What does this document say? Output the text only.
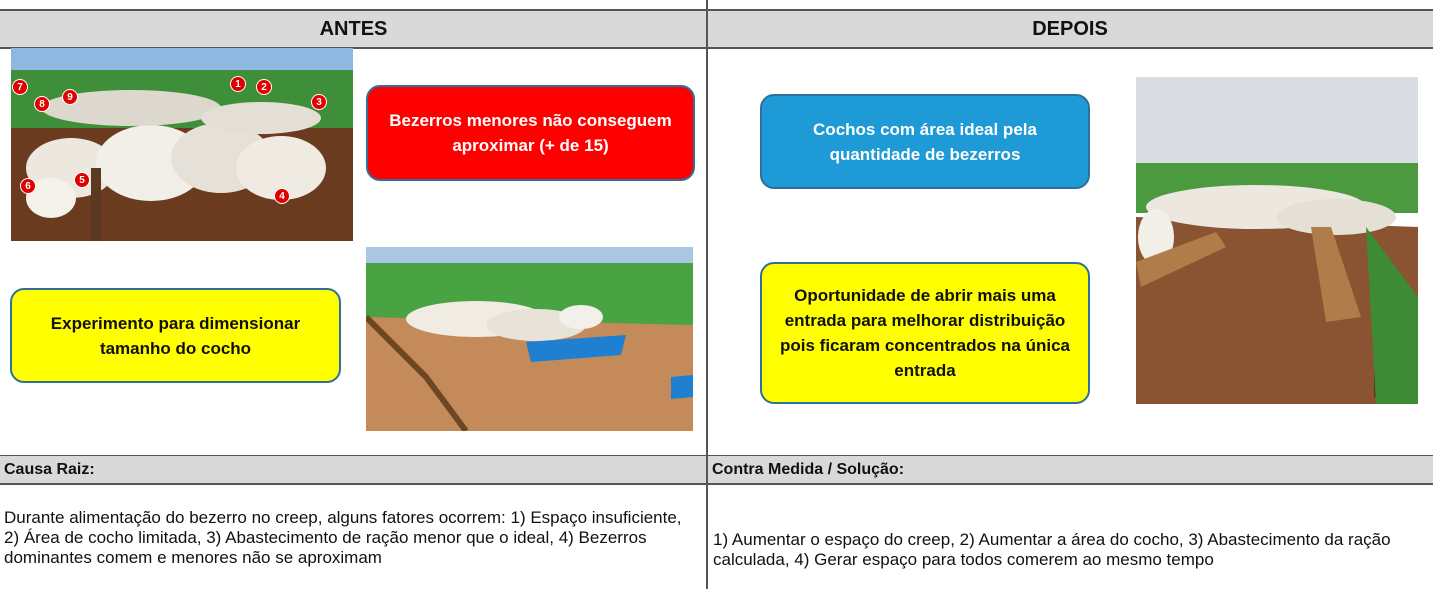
ANTES	DEPOIS
1	2
3
4
5
6
7
8
9
Bezerros menores não conseguem aproximar (+ de 15)
Experimento para dimensionar tamanho do cocho
Cochos com área ideal pela quantidade de bezerros
Oportunidade de abrir mais uma entrada para melhorar distribuição pois ficaram concentrados na única entrada
Causa Raiz:	Contra Medida / Solução:
Durante alimentação do bezerro no creep, alguns fatores ocorrem: 1) Espaço insuficiente, 2) Área de cocho limitada, 3) Abastecimento de ração menor que o ideal, 4) Bezerros dominantes comem e menores não se aproximam
1) Aumentar o espaço do creep, 2) Aumentar a área do cocho, 3) Abastecimento da ração calculada, 4) Gerar espaço para todos comerem ao mesmo tempo
